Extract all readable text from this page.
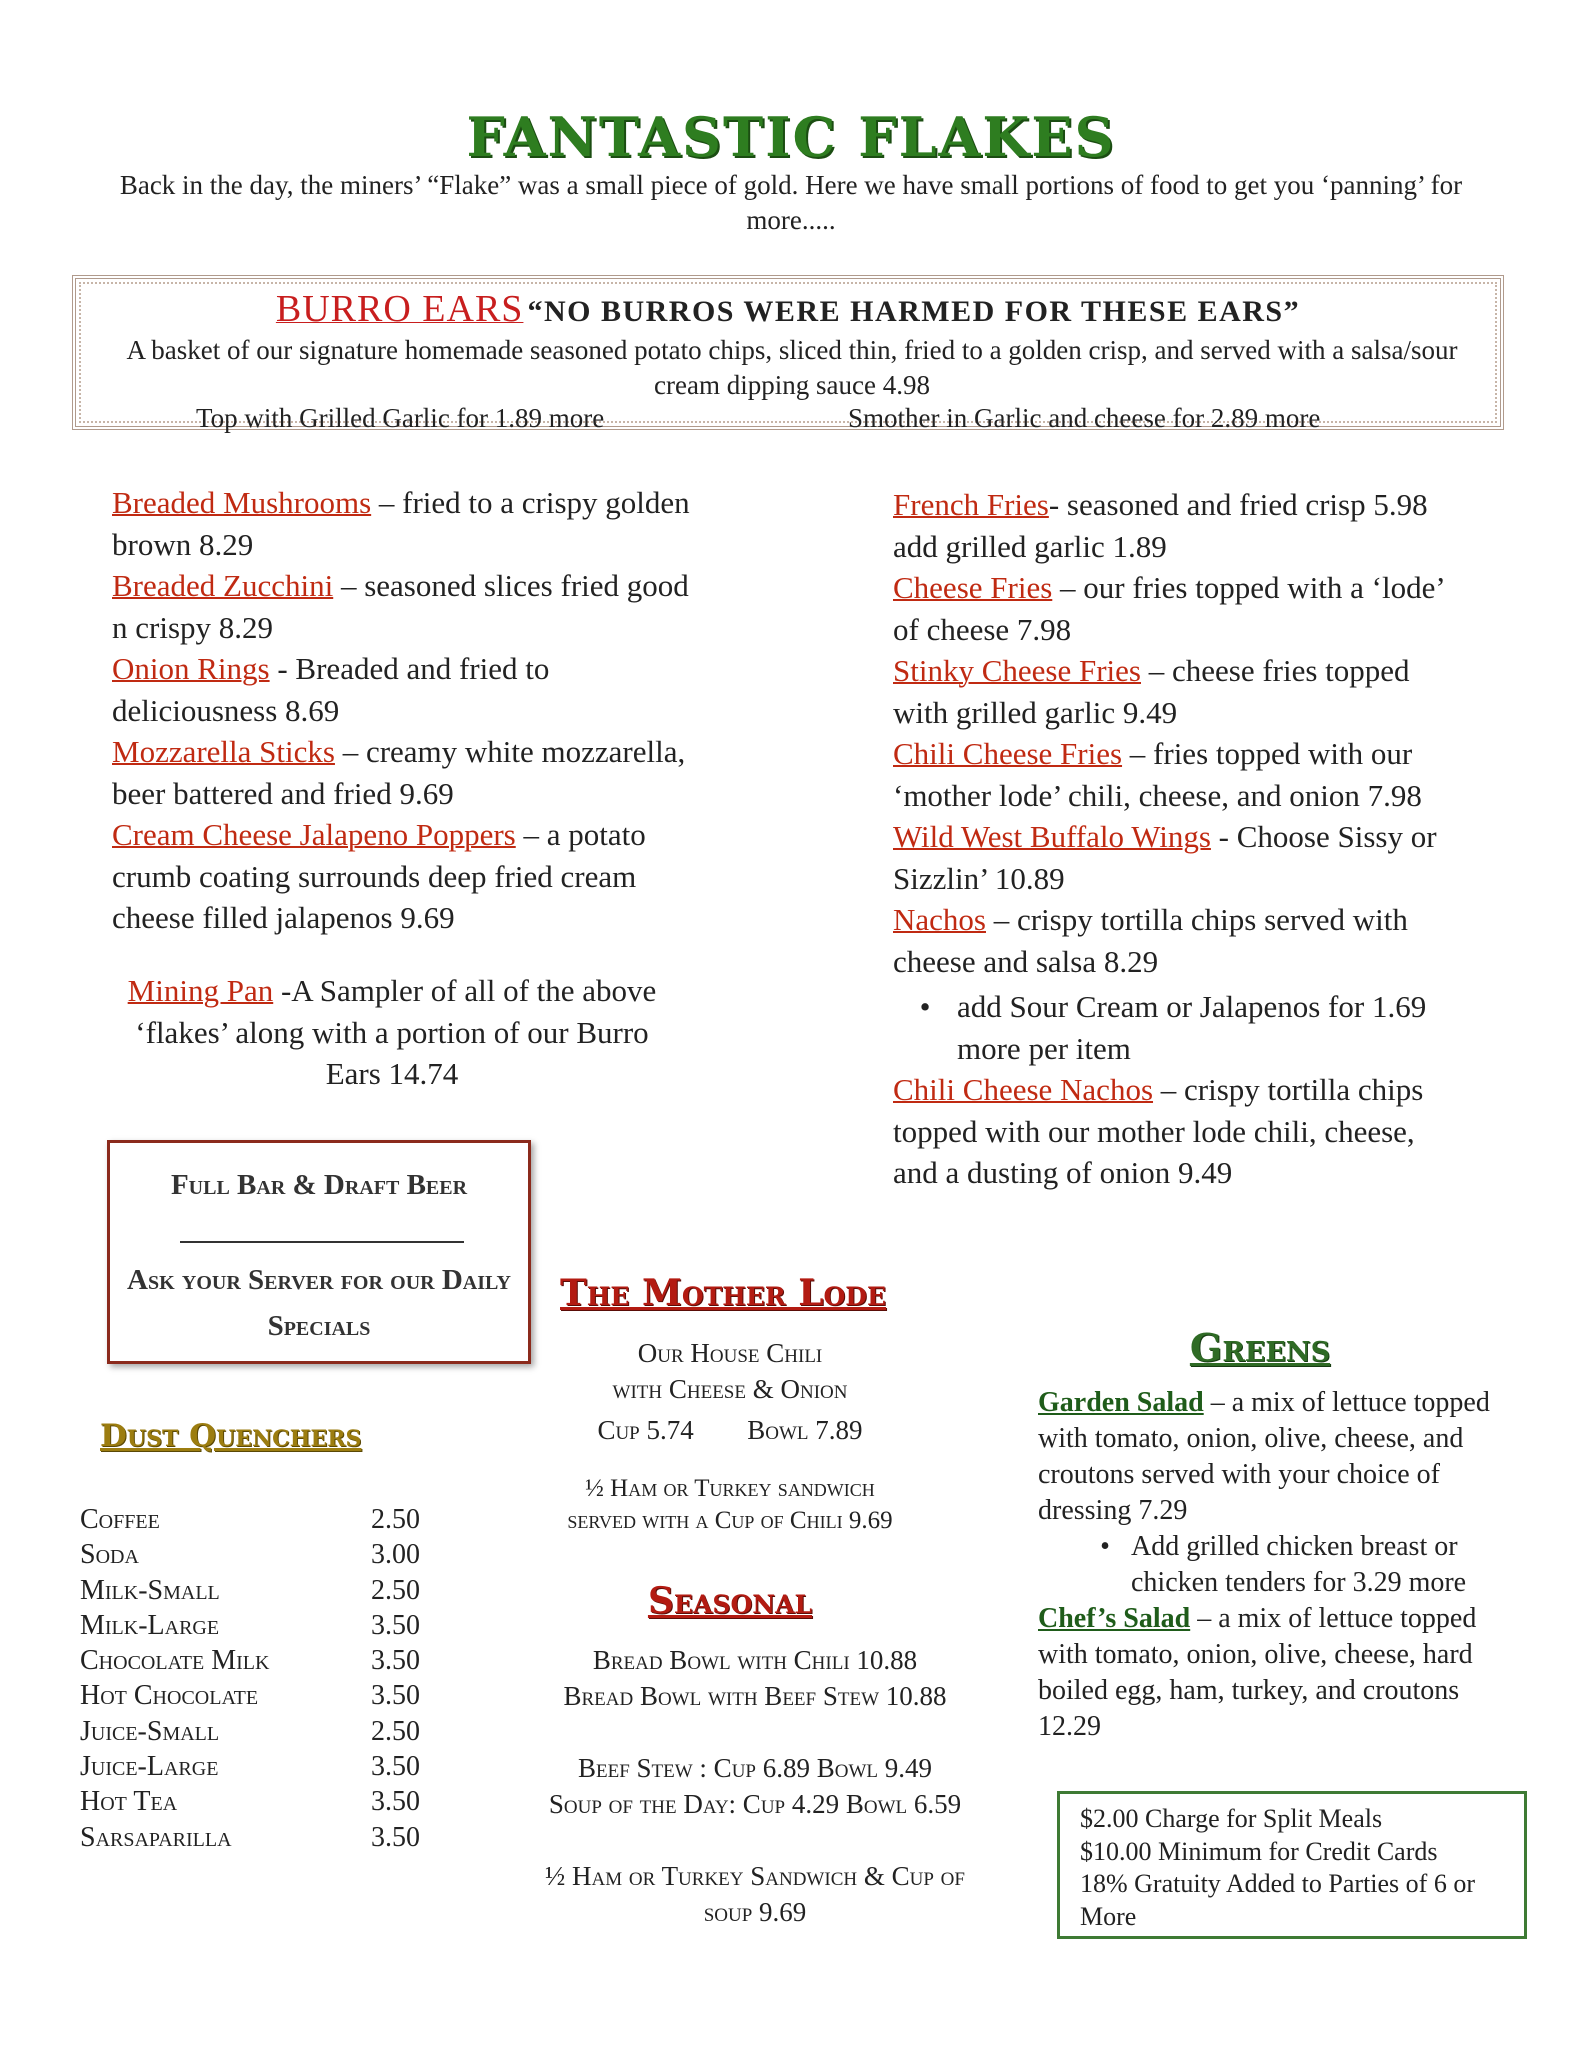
FANTASTIC FLAKES
Back in the day, the miners’ “Flake” was a small piece of gold. Here we have small portions of food to get you ‘panning’ for more.....
BURRO EARS “NO BURROS WERE HARMED FOR THESE EARS”
A basket of our signature homemade seasoned potato chips, sliced thin, fried to a golden crisp, and served with a salsa/sour cream dipping sauce 4.98
Top with Grilled Garlic for 1.89 more	Smother in Garlic and cheese for 2.89 more
Breaded Mushrooms – fried to a crispy golden brown 8.29
Breaded Zucchini – seasoned slices fried good n crispy 8.29
Onion Rings - Breaded and fried to deliciousness 8.69
Mozzarella Sticks – creamy white mozzarella, beer battered and fried 9.69
Cream Cheese Jalapeno Poppers – a potato crumb coating surrounds deep fried cream cheese filled jalapenos 9.69
Mining Pan -A Sampler of all of the above ‘flakes’ along with a portion of our Burro Ears 14.74
French Fries- seasoned and fried crisp 5.98 add grilled garlic 1.89
Cheese Fries – our fries topped with a ‘lode’ of cheese 7.98
Stinky Cheese Fries – cheese fries topped with grilled garlic 9.49
Chili Cheese Fries – fries topped with our ‘mother lode’ chili, cheese, and onion 7.98
Wild West Buffalo Wings - Choose Sissy or Sizzlin’ 10.89
Nachos – crispy tortilla chips served with cheese and salsa 8.29
• add Sour Cream or Jalapenos for 1.69 more per item
Chili Cheese Nachos – crispy tortilla chips topped with our mother lode chili, cheese, and a dusting of onion 9.49
Full Bar & Draft Beer
Ask your Server for our Daily Specials
Dust Quenchers
Coffee	2.50
Soda	3.00
Milk-Small	2.50
Milk-Large	3.50
Chocolate Milk	3.50
Hot Chocolate	3.50
Juice-Small	2.50
Juice-Large	3.50
Hot Tea	3.50
Sarsaparilla	3.50
The Mother Lode
Our House Chili
with Cheese & Onion
Cup 5.74 Bowl 7.89
½ Ham or Turkey sandwich
served with a Cup of Chili 9.69
Seasonal
Bread Bowl with Chili 10.88
Bread Bowl with Beef Stew 10.88
Beef Stew : Cup 6.89 Bowl 9.49
Soup of the Day: Cup 4.29 Bowl 6.59
½ Ham or Turkey Sandwich & Cup of
soup 9.69
Greens
Garden Salad – a mix of lettuce topped with tomato, onion, olive, cheese, and croutons served with your choice of dressing 7.29
• Add grilled chicken breast or chicken tenders for 3.29 more
Chef’s Salad – a mix of lettuce topped with tomato, onion, olive, cheese, hard boiled egg, ham, turkey, and croutons 12.29
$2.00 Charge for Split Meals
$10.00 Minimum for Credit Cards
18% Gratuity Added to Parties of 6 or More
